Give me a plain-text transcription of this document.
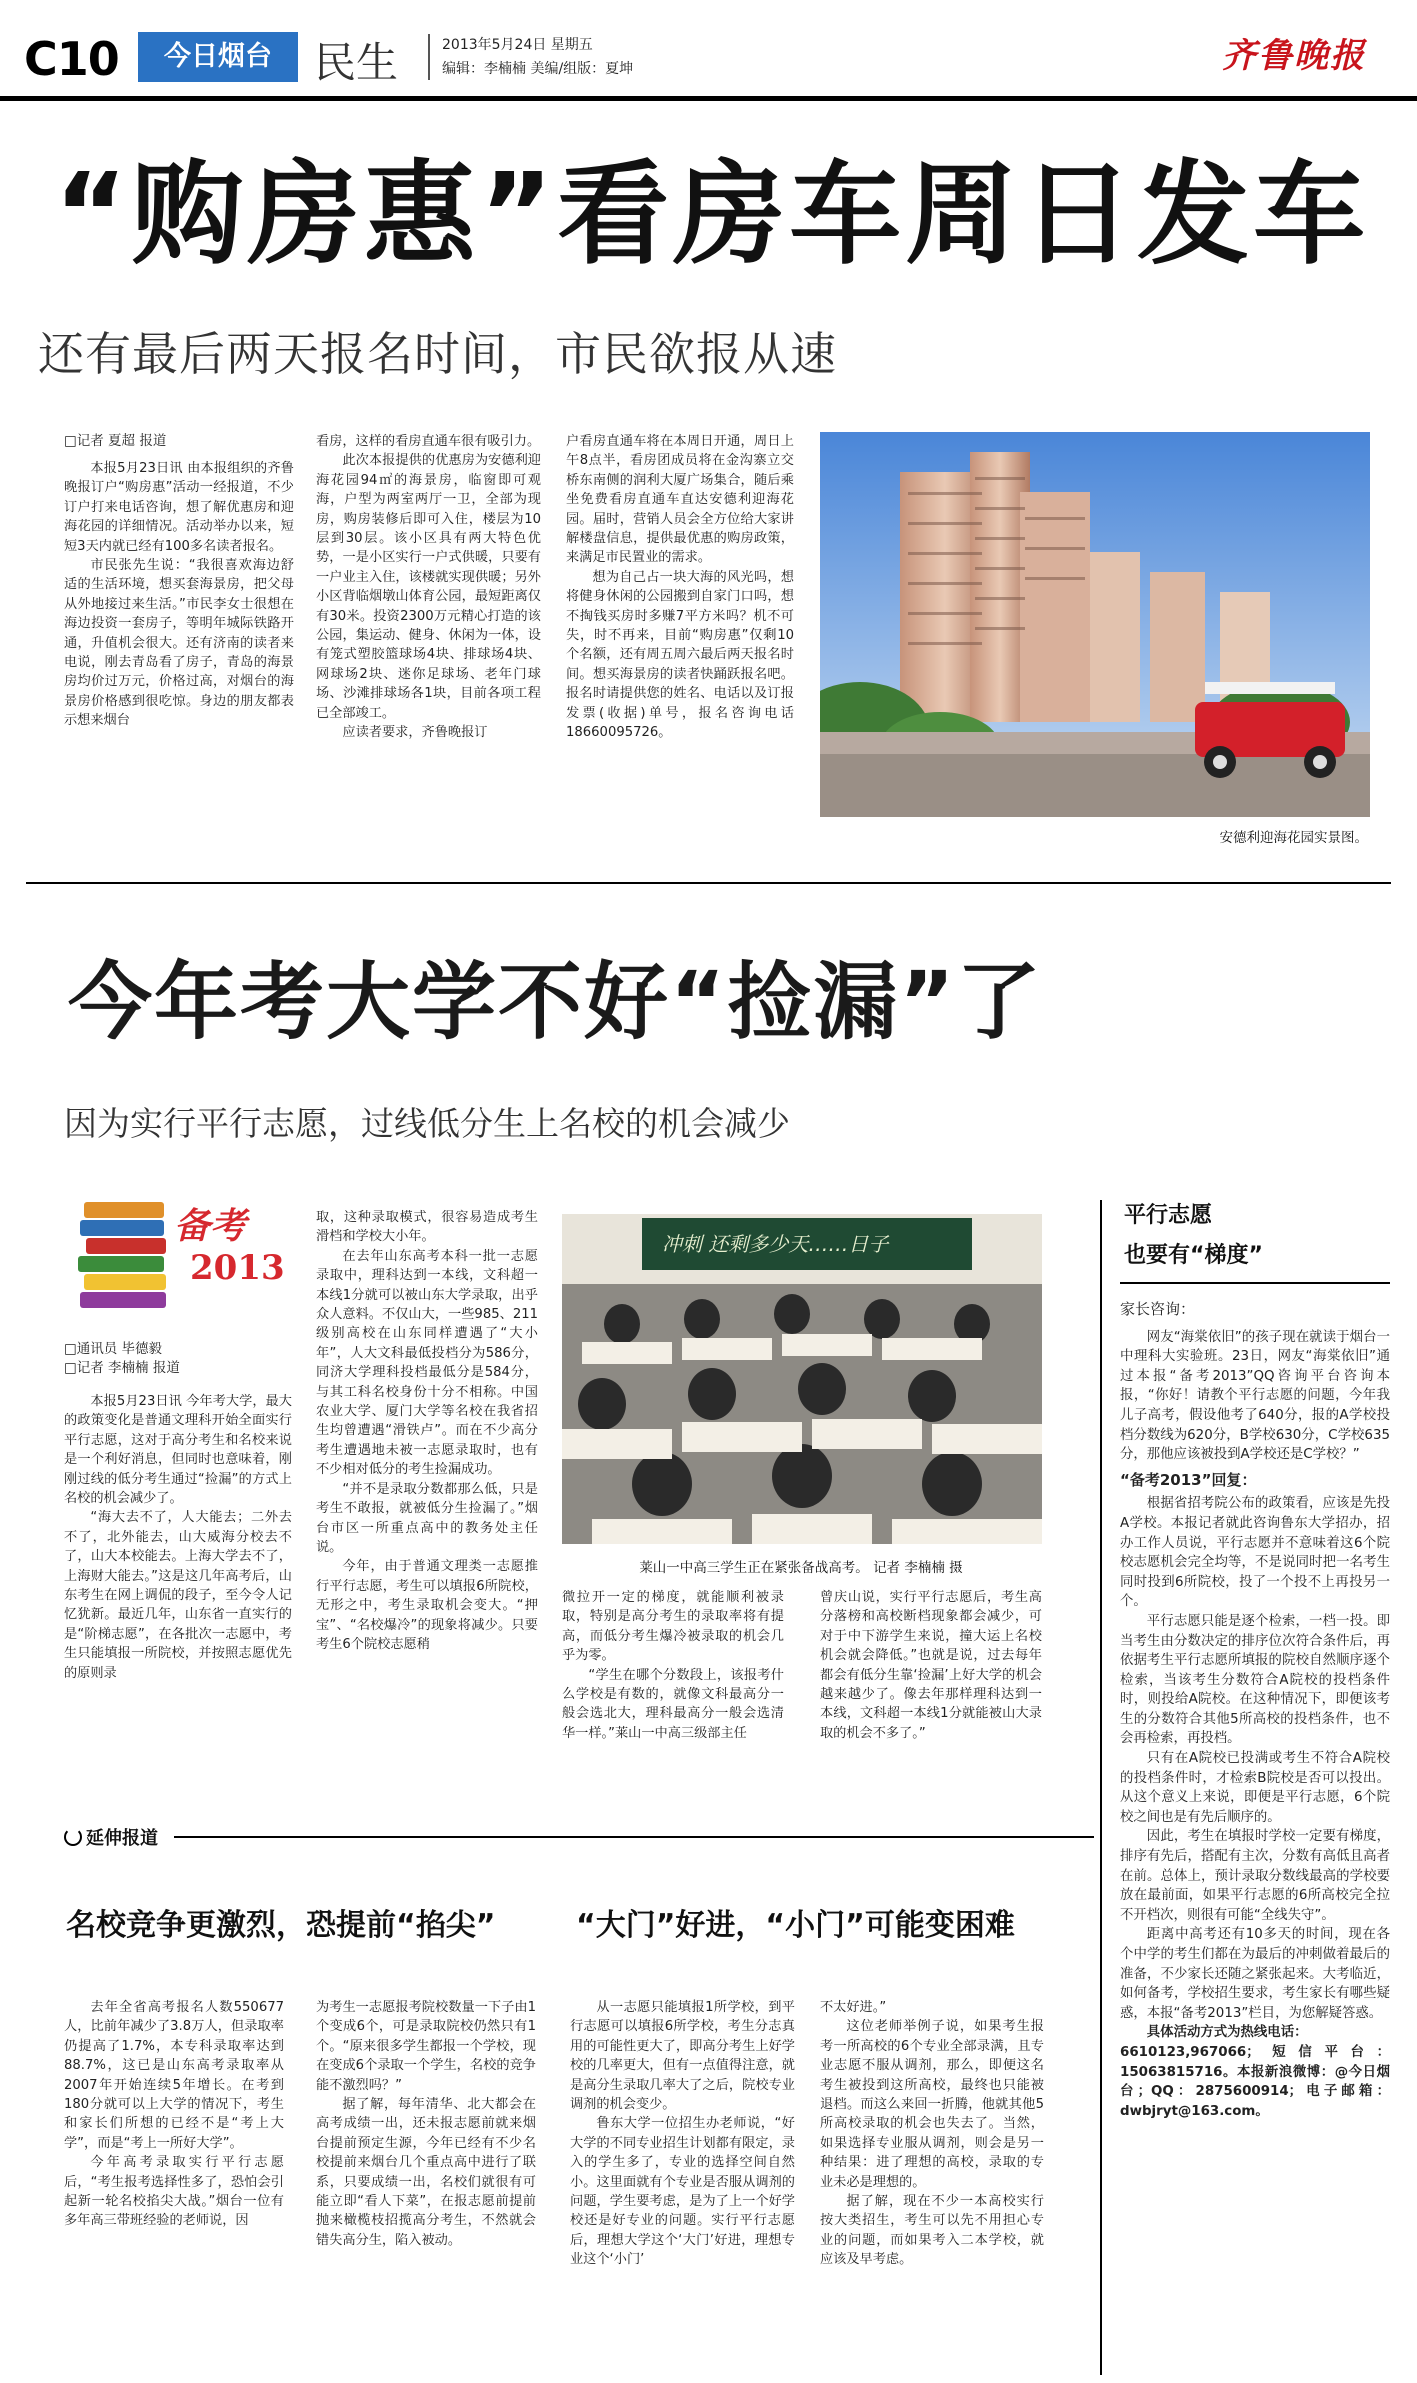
C10	今日烟台	民生	2013年5月24日 星期五
编辑：李楠楠 美编/组版：夏坤	齐鲁晚报
“购房惠”看房车周日发车
还有最后两天报名时间，市民欲报从速

□记者 夏超 报道

本报5月23日讯 由本报组织的齐鲁晚报订户“购房惠”活动一经报道，不少订户打来电话咨询，想了解优惠房和迎海花园的详细情况。活动举办以来，短短3天内就已经有100多名读者报名。

市民张先生说：“我很喜欢海边舒适的生活环境，想买套海景房，把父母从外地接过来生活。”市民李女士很想在海边投资一套房子，等明年城际铁路开通，升值机会很大。还有济南的读者来电说，刚去青岛看了房子，青岛的海景房均价过万元，价格过高，对烟台的海景房价格感到很吃惊。身边的朋友都表示想来烟台

看房，这样的看房直通车很有吸引力。

此次本报提供的优惠房为安德利迎海花园94㎡的海景房，临窗即可观海，户型为两室两厅一卫，全部为现房，购房装修后即可入住，楼层为10层到30层。该小区具有两大特色优势，一是小区实行一户式供暖，只要有一户业主入住，该楼就实现供暖；另外小区背临烟墩山体育公园，最短距离仅有30米。投资2300万元精心打造的该公园，集运动、健身、休闲为一体，设有笼式塑胶篮球场4块、排球场4块、网球场2块、迷你足球场、老年门球场、沙滩排球场各1块，目前各项工程已全部竣工。

应读者要求，齐鲁晚报订

户看房直通车将在本周日开通，周日上午8点半，看房团成员将在金沟寨立交桥东南侧的润利大厦广场集合，随后乘坐免费看房直通车直达安德利迎海花园。届时，营销人员会全方位给大家讲解楼盘信息，提供最优惠的购房政策，来满足市民置业的需求。

想为自己占一块大海的风光吗，想将健身休闲的公园搬到自家门口吗，想不掏钱买房时多赚7平方米吗？机不可失，时不再来，目前“购房惠”仅剩10个名额，还有周五周六最后两天报名时间。想买海景房的读者快踊跃报名吧。报名时请提供您的姓名、电话以及订报发票(收据)单号，报名咨询电话18660095726。

安德利迎海花园实景图。
今年考大学不好“捡漏”了
因为实行平行志愿，过线低分生上名校的机会减少
备考
2013

□通讯员 毕德毅

□记者 李楠楠 报道

本报5月23日讯 今年考大学，最大的政策变化是普通文理科开始全面实行平行志愿，这对于高分考生和名校来说是一个利好消息，但同时也意味着，刚刚过线的低分考生通过“捡漏”的方式上名校的机会减少了。

“海大去不了，人大能去；二外去不了，北外能去，山大威海分校去不了，山大本校能去。上海大学去不了，上海财大能去。”这是这几年高考后，山东考生在网上调侃的段子，至今令人记忆犹新。最近几年，山东省一直实行的是“阶梯志愿”，在各批次一志愿中，考生只能填报一所院校，并按照志愿优先的原则录

取，这种录取模式，很容易造成考生滑档和学校大小年。

在去年山东高考本科一批一志愿录取中，理科达到一本线，文科超一本线1分就可以被山东大学录取，出乎众人意料。不仅山大，一些985、211级别高校在山东同样遭遇了“大小年”，人大文科最低投档分为586分，同济大学理科投档最低分是584分，与其工科名校身份十分不相称。中国农业大学、厦门大学等名校在我省招生均曾遭遇“滑铁卢”。而在不少高分考生遭遇地未被一志愿录取时，也有不少相对低分的考生捡漏成功。

“并不是录取分数都那么低，只是考生不敢报，就被低分生捡漏了。”烟台市区一所重点高中的教务处主任说。

今年，由于普通文理类一志愿推行平行志愿，考生可以填报6所院校，无形之中，考生录取机会变大。“押宝”、“名校爆冷”的现象将减少。只要考生6个院校志愿稍

冲刺 还剩多少天……日子
莱山一中高三学生正在紧张备战高考。 记者 李楠楠 摄

微拉开一定的梯度，就能顺利被录取，特别是高分考生的录取率将有提高，而低分考生爆冷被录取的机会几乎为零。

“学生在哪个分数段上，该报考什么学校是有数的，就像文科最高分一般会选北大，理科最高分一般会选清华一样。”莱山一中高三级部主任

曾庆山说，实行平行志愿后，考生高分落榜和高校断档现象都会减少，可对于中下游学生来说，撞大运上名校机会就会降低。”也就是说，过去每年都会有低分生靠‘捡漏’上好大学的机会越来越少了。像去年那样理科达到一本线，文科超一本线1分就能被山大录取的机会不多了。”

平行志愿
也要有“梯度”

家长咨询：

网友“海棠依旧”的孩子现在就读于烟台一中理科大实验班。23日，网友“海棠依旧”通过本报“备考2013”QQ咨询平台咨询本报，“你好！请教个平行志愿的问题，今年我儿子高考，假设他考了640分，报的A学校投档分数线为620分，B学校630分，C学校635分，那他应该被投到A学校还是C学校？”

“备考2013”回复：

根据省招考院公布的政策看，应该是先投A学校。本报记者就此咨询鲁东大学招办，招办工作人员说，平行志愿并不意味着这6个院校志愿机会完全均等，不是说同时把一名考生同时投到6所院校，投了一个投不上再投另一个。

平行志愿只能是逐个检索，一档一投。即当考生由分数决定的排序位次符合条件后，再依据考生平行志愿所填报的院校自然顺序逐个检索，当该考生分数符合A院校的投档条件时，则投给A院校。在这种情况下，即便该考生的分数符合其他5所高校的投档条件，也不会再检索，再投档。

只有在A院校已投满或考生不符合A院校的投档条件时，才检索B院校是否可以投出。从这个意义上来说，即便是平行志愿，6个院校之间也是有先后顺序的。

因此，考生在填报时学校一定要有梯度，排序有先后，搭配有主次，分数有高低且高者在前。总体上，预计录取分数线最高的学校要放在最前面，如果平行志愿的6所高校完全拉不开档次，则很有可能“全线失守”。

距离中高考还有10多天的时间，现在各个中学的考生们都在为最后的冲刺做着最后的准备，不少家长还随之紧张起来。大考临近，如何备考，学校招生要求，考生家长有哪些疑惑，本报“备考2013”栏目，为您解疑答惑。

具体活动方式为热线电话：

6610123,967066；短信平台：15063815716。本报新浪微博：@今日烟台；QQ：2875600914；电子邮箱：dwbjryt@163.com。

延伸报道
名校竞争更激烈，恐提前“掐尖”	“大门”好进，“小门”可能变困难

去年全省高考报名人数550677人，比前年减少了3.8万人，但录取率仍提高了1.7%，本专科录取率达到88.7%，这已是山东高考录取率从2007年开始连续5年增长。在考到180分就可以上大学的情况下，考生和家长们所想的已经不是“考上大学”，而是“考上一所好大学”。

今年高考录取实行平行志愿后，“考生报考选择性多了，恐怕会引起新一轮名校掐尖大战。”烟台一位有多年高三带班经验的老师说，因

为考生一志愿报考院校数量一下子由1个变成6个，可是录取院校仍然只有1个。“原来很多学生都报一个学校，现在变成6个录取一个学生，名校的竞争能不激烈吗？”

据了解，每年清华、北大都会在高考成绩一出，还未报志愿前就来烟台提前预定生源，今年已经有不少名校提前来烟台几个重点高中进行了联系，只要成绩一出，名校们就很有可能立即“看人下菜”，在报志愿前提前抛来橄榄枝招揽高分考生，不然就会错失高分生，陷入被动。

从一志愿只能填报1所学校，到平行志愿可以填报6所学校，考生分志真用的可能性更大了，即高分考生上好学校的几率更大，但有一点值得注意，就是高分生录取几率大了之后，院校专业调剂的机会变少。

鲁东大学一位招生办老师说，“好大学的不同专业招生计划都有限定，录入的学生多了，专业的选择空间自然小。这里面就有个专业是否服从调剂的问题，学生要考虑，是为了上一个好学校还是好专业的问题。实行平行志愿后，理想大学这个‘大门’好进，理想专业这个‘小门’

不太好进。”

这位老师举例子说，如果考生报考一所高校的6个专业全部录满，且专业志愿不服从调剂，那么，即便这名考生被投到这所高校，最终也只能被退档。而这么来回一折腾，他就其他5所高校录取的机会也失去了。当然，如果选择专业服从调剂，则会是另一种结果：进了理想的高校，录取的专业未必是理想的。

据了解，现在不少一本高校实行按大类招生，考生可以先不用担心专业的问题，而如果考入二本学校，就应该及早考虑。
